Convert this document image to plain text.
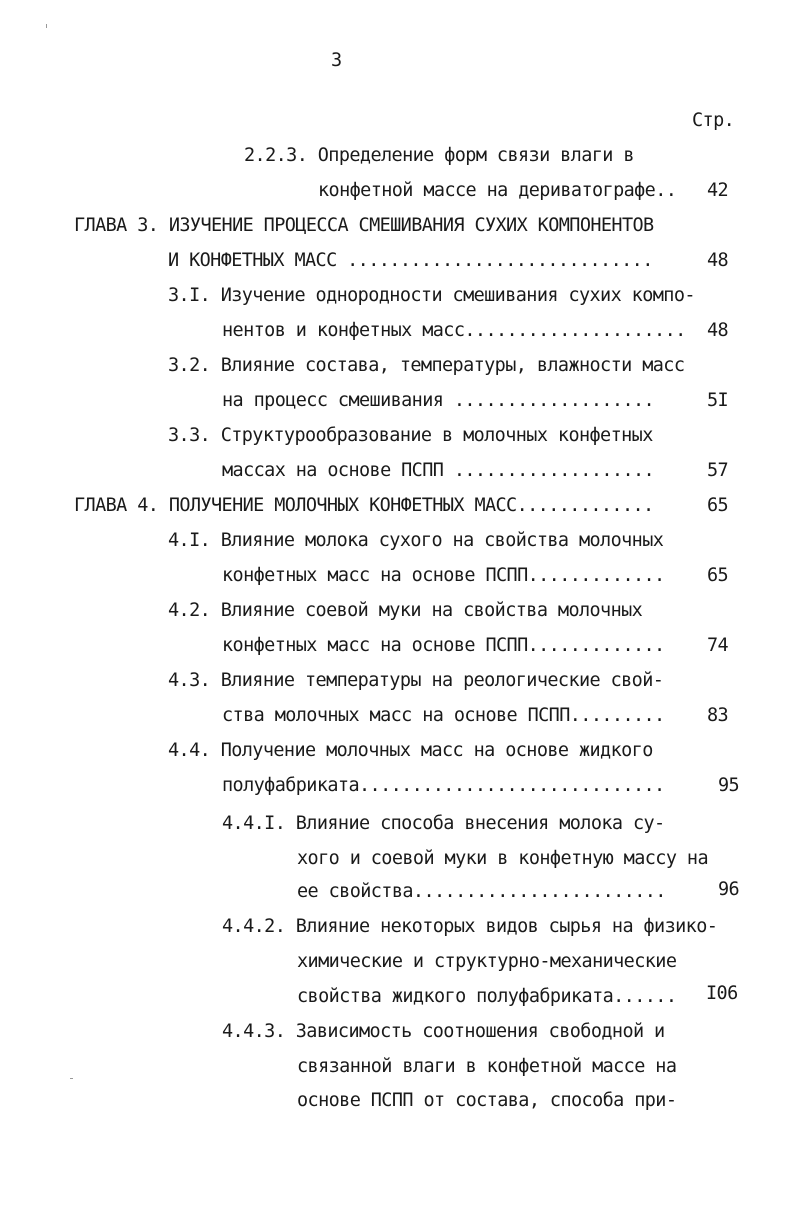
3
Стр.
2.2.3. Определение форм связи влаги в
конфетной массе на дериватографе.. 42
ГЛАВА 3. ИЗУЧЕНИЕ ПРОЦЕССА СМЕШИВАНИЯ СУХИХ КОМПОНЕНТОВ
И КОНФЕТНЫХ МАСС .............................	48
3.I. Изучение однородности смешивания сухих компо-
нентов и конфетных масс..................... 48
3.2. Влияние состава, температуры, влажности масс
на процесс смешивания ...................	5I
3.3. Структурообразование в молочных конфетных
массах на основе ПСПП ...................	57
ГЛАВА 4. ПОЛУЧЕНИЕ МОЛОЧНЫХ КОНФЕТНЫХ МАСС.............	65
4.I. Влияние молока сухого на свойства молочных
конфетных масс на основе ПСПП............. 65
4.2. Влияние соевой муки на свойства молочных
конфетных масс на основе ПСПП............. 74
4.3. Влияние температуры на реологические свой-
ства молочных масс на основе ПСПП......... 83
4.4. Получение молочных масс на основе жидкого
полуфабриката.............................	95
4.4.I. Влияние способа внесения молока су-
хого и соевой муки в конфетную массу на
ее свойства........................	96
4.4.2. Влияние некоторых видов сырья на физико-
химические и структурно-механические
свойства жидкого полуфабриката...... I06
4.4.3. Зависимость соотношения свободной и
связанной влаги в конфетной массе на
основе ПСПП от состава, способа при-
